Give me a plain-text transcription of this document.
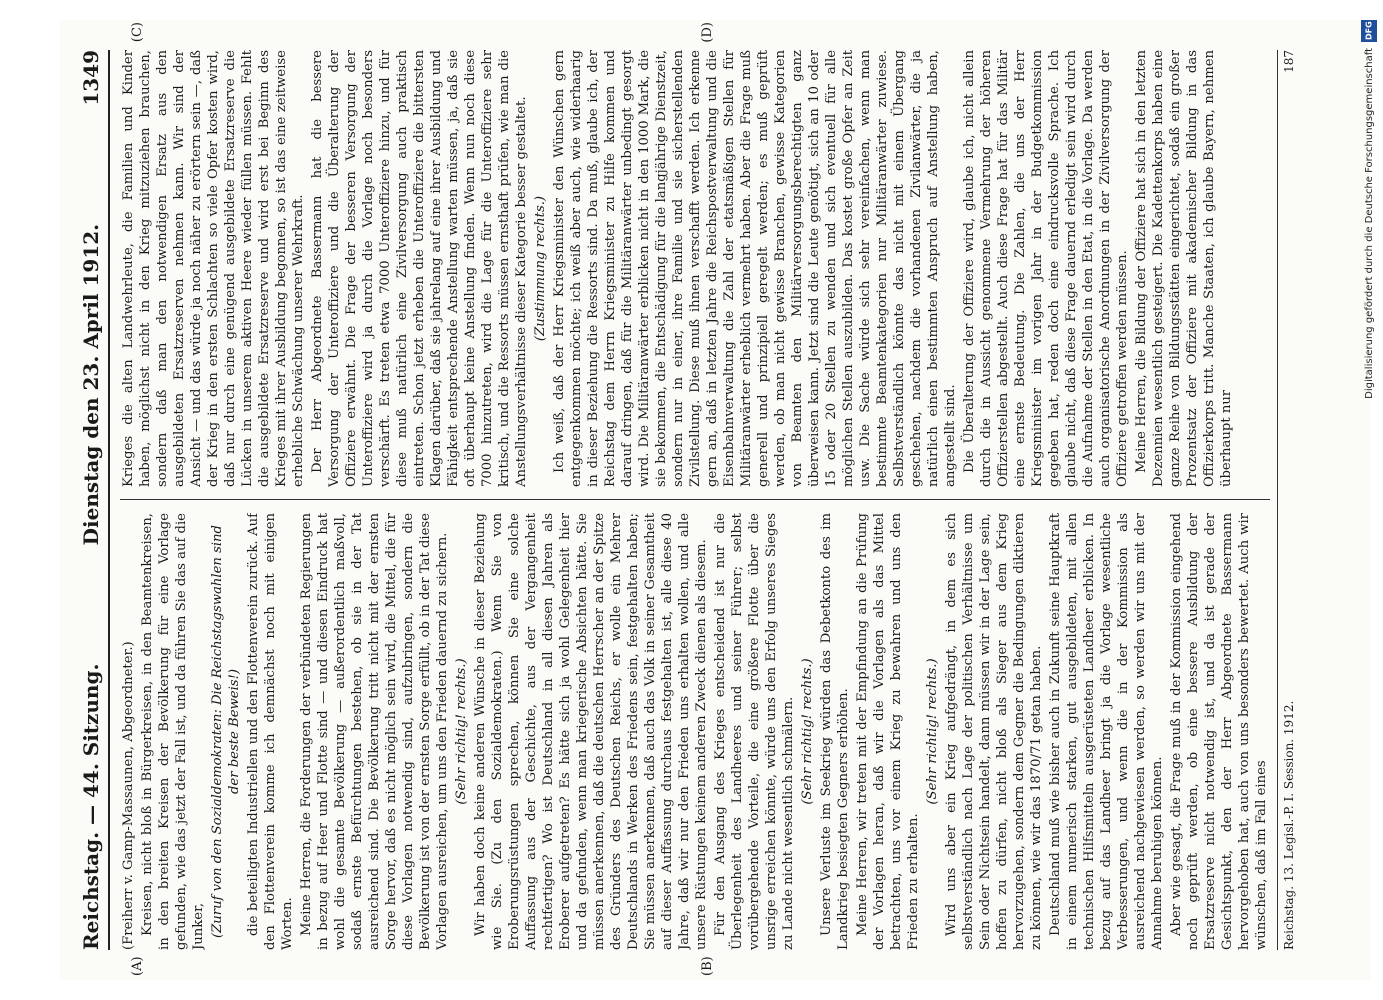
Reichstag. — 44. Sitzung.
Dienstag den 23. April 1912.
1349
(A)	(B)
(C)	(D)

(Freiherr v. Gamp-Massaunen, Abgeordneter.) Kreisen, nicht bloß in Bürgerkreisen, in den Beamtenkreisen, in den breiten Kreisen der Bevölkerung für eine Vorlage gefunden, wie das jetzt der Fall ist, und da führen Sie das auf die Junker, (Zuruf von den Sozialdemokraten: Die Reichstagswahlen sind der beste Beweis!) die beteiligten Industriellen und den Flottenverein zurück. Auf den Flottenverein komme ich demnächst noch mit einigen Worten. Meine Herren, die Forderungen der verbündeten Regierungen in bezug auf Heer und Flotte sind — und diesen Eindruck hat wohl die gesamte Bevölkerung — außerordentlich maßvoll, sodaß ernste Befürchtungen bestehen, ob sie in der Tat ausreichend sind. Die Bevölkerung tritt nicht mit der ernsten Sorge hervor, daß es nicht möglich sein wird, die Mittel, die für diese Vorlagen notwendig sind, aufzubringen, sondern die Bevölkerung ist von der ernsten Sorge erfüllt, ob in der Tat diese Vorlagen ausreichen, um uns den Frieden dauernd zu sichern. (Sehr richtig! rechts.) Wir haben doch keine anderen Wünsche in dieser Beziehung wie Sie. (Zu den Sozialdemokraten.) Wenn Sie von Eroberungsrüstungen sprechen, können Sie eine solche Auffassung aus der Geschichte, aus der Vergangenheit rechtfertigen? Wo ist Deutschland in all diesen Jahren als Eroberer aufgetreten? Es hätte sich ja wohl Gelegenheit hier und da gefunden, wenn man kriegerische Absichten hätte. Sie müssen anerkennen, daß die deutschen Herrscher an der Spitze des Gründers des Deutschen Reichs, er wolle ein Mehrer Deutschlands in Werken des Friedens sein, festgehalten haben; Sie müssen anerkennen, daß auch das Volk in seiner Gesamtheit auf dieser Auffassung durchaus festgehalten ist, alle diese 40 Jahre, daß wir nur den Frieden uns erhalten wollen, und alle unsere Rüstungen keinem anderen Zweck dienen als diesem. Für den Ausgang des Krieges entscheidend ist nur die Überlegenheit des Landheeres und seiner Führer; selbst vorübergehende Vorteile, die eine größere Flotte über die unsrige erreichen könnte, würde uns den Erfolg unseres Sieges zu Lande nicht wesentlich schmälern. (Sehr richtig! rechts.) Unsere Verluste im Seekrieg würden das Debetkonto des im Landkrieg besiegten Gegners erhöhen. Meine Herren, wir treten mit der Empfindung an die Prüfung der Vorlagen heran, daß wir die Vorlagen als das Mittel betrachten, uns vor einem Krieg zu bewahren und uns den Frieden zu erhalten.

(Sehr richtig! rechts.) Wird uns aber ein Krieg aufgedrängt, in dem es sich selbstverständlich nach Lage der politischen Verhältnisse um Sein oder Nichtsein handelt, dann müssen wir in der Lage sein, hoffen zu dürfen, nicht bloß als Sieger aus dem Krieg hervorzugehen, sondern dem Gegner die Bedingungen diktieren zu können, wie wir das 1870/71 getan haben. Deutschland muß wie bisher auch in Zukunft seine Hauptkraft in einem numerisch starken, gut ausgebildeten, mit allen technischen Hilfsmitteln ausgerüsteten Landheer erblicken. In bezug auf das Landheer bringt ja die Vorlage wesentliche Verbesserungen, und wenn die in der Kommission als ausreichend nachgewiesen werden, so werden wir uns mit der Annahme beruhigen können. Aber wie gesagt, die Frage muß in der Kommission eingehend noch geprüft werden, ob eine bessere Ausbildung der Ersatzreserve nicht notwendig ist, und da ist gerade der Gesichtspunkt, den der Herr Abgeordnete Bassermann hervorgehoben hat, auch von uns besonders bewertet. Auch wir wünschen, daß im Fall eines

Krieges die alten Landwehrleute, die Familien und Kinder haben, möglichst nicht in den Krieg mitzuziehen brauchen, sondern daß man den notwendigen Ersatz aus den ausgebildeten Ersatzreserven nehmen kann. Wir sind der Ansicht — und das würde ja noch näher zu erörtern sein —, daß der Krieg in den ersten Schlachten so viele Opfer kosten wird, daß nur durch eine genügend ausgebildete Ersatzreserve die Lücken in unserem aktiven Heere wieder füllen müssen. Fehlt die ausgebildete Ersatzreserve und wird erst bei Beginn des Krieges mit ihrer Ausbildung begonnen, so ist das eine zeitweise erhebliche Schwächung unserer Wehrkraft. Der Herr Abgeordnete Bassermann hat die bessere Versorgung der Unteroffiziere und die Überalterung der Offiziere erwähnt. Die Frage der besseren Versorgung der Unteroffiziere wird ja durch die Vorlage noch besonders verschärft. Es treten etwa 7000 Unteroffiziere hinzu, und für diese muß natürlich eine Zivilversorgung auch praktisch eintreten. Schon jetzt erheben die Unteroffiziere die bittersten Klagen darüber, daß sie jahrelang auf eine ihrer Ausbildung und Fähigkeit entsprechende Anstellung warten müssen, ja, daß sie oft überhaupt keine Anstellung finden. Wenn nun noch diese 7000 hinzutreten, wird die Lage für die Unteroffiziere sehr kritisch, und die Ressorts müssen ernsthaft prüfen, wie man die Anstellungsverhältnisse dieser Kategorie besser gestaltet. (Zustimmung rechts.) Ich weiß, daß der Herr Kriegsminister den Wünschen gern entgegenkommen möchte; ich weiß aber auch, wie widerhaarig in dieser Beziehung die Ressorts sind. Da muß, glaube ich, der Reichstag dem Herrn Kriegsminister zu Hilfe kommen und darauf dringen, daß für die Militäranwärter unbedingt gesorgt wird. Die Militäranwärter erblicken nicht in den 1000 Mark, die sie bekommen, die Entschädigung für die langjährige Dienstzeit, sondern nur in einer, ihre Familie und sie sicherstellenden Zivilstellung. Diese muß ihnen verschafft werden. Ich erkenne gern an, daß in letzten Jahre die Reichspostverwaltung und die Eisenbahnverwaltung die Zahl der etatsmäßigen Stellen für Militäranwärter erheblich vermehrt haben. Aber die Frage muß generell und prinzipiell geregelt werden; es muß geprüft werden, ob man nicht gewisse Branchen, gewisse Kategorien von Beamten den Militärversorgungsberechtigten ganz überweisen kann. Jetzt sind die Leute genötigt, sich an 10 oder 15 oder 20 Stellen zu wenden und sich eventuell für alle möglichen Stellen auszubilden. Das kostet große Opfer an Zeit usw. Die Sache würde sich sehr vereinfachen, wenn man bestimmte Beamtenkategorien nur Militäranwärter zuwiese. Selbstverständlich könnte das nicht mit einem Übergang geschehen, nachdem die vorhandenen Zivilanwärter, die ja natürlich einen bestimmten Anspruch auf Anstellung haben, angestellt sind. Die Überalterung der Offiziere wird, glaube ich, nicht allein durch die in Aussicht genommene Vermehrung der höheren Offizierstellen abgestellt. Auch diese Frage hat für das Militär eine ernste Bedeutung. Die Zahlen, die uns der Herr Kriegsminister im vorigen Jahr in der Budgetkommission gegeben hat, reden doch eine eindrucksvolle Sprache. Ich glaube nicht, daß diese Frage dauernd erledigt sein wird durch die Aufnahme der Stellen in den Etat, in die Vorlage. Da werden auch organisatorische Anordnungen in der Zivilversorgung der Offiziere getroffen werden müssen. Meine Herren, die Bildung der Offiziere hat sich in den letzten Dezennien wesentlich gesteigert. Die Kadettenkorps haben eine ganze Reihe von Bildungsstätten eingerichtet, sodaß ein großer Prozentsatz der Offiziere mit akademischer Bildung in das Offizierkorps tritt. Manche Staaten, ich glaube Bayern, nehmen überhaupt nur

Reichstag. 13. Legisl.-P. I. Session. 1912.
187
DFG
Digitalisierung gefördert durch die Deutsche Forschungsgemeinschaft
